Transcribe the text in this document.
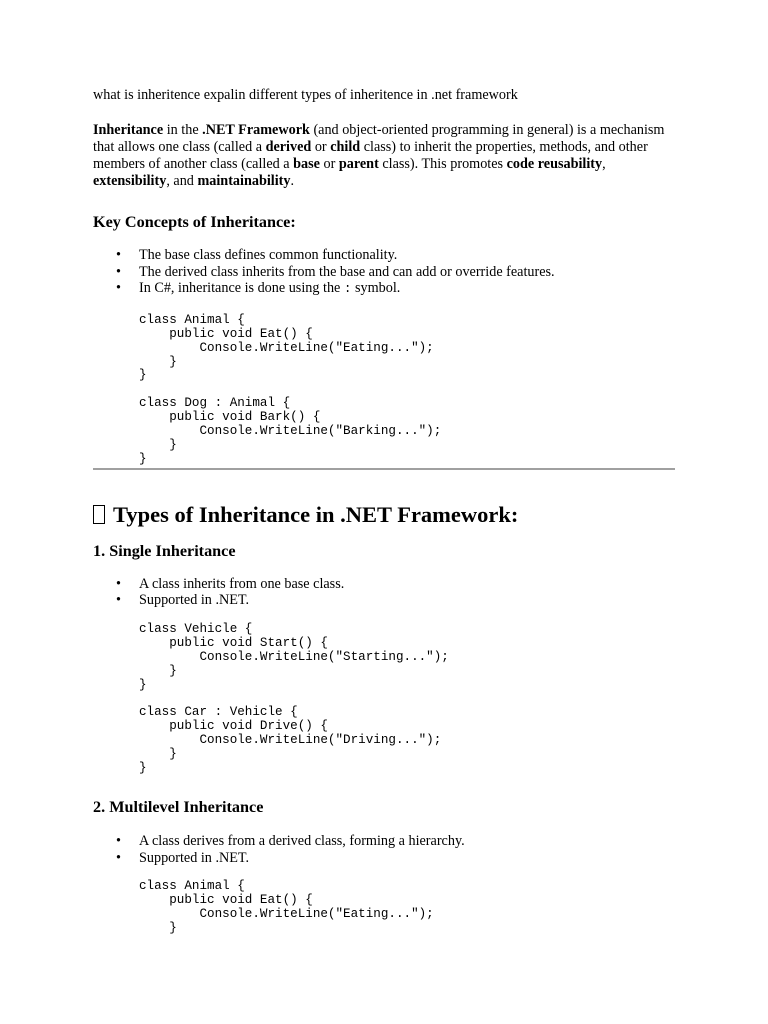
what is inheritence expalin different types of inheritence in .net framework

Inheritance in the .NET Framework (and object-oriented programming in general) is a mechanism that allows one class (called a derived or child class) to inherit the properties, methods, and other members of another class (called a base or parent class). This promotes code reusability, extensibility, and maintainability.

Key Concepts of Inheritance:
• The base class defines common functionality.
• The derived class inherits from the base and can add or override features.
• In C#, inheritance is done using the : symbol.
class Animal {
public void Eat() {
Console.WriteLine("Eating...");
}
}

class Dog : Animal {
public void Bark() {
Console.WriteLine("Barking...");
}
}
Types of Inheritance in .NET Framework:
1. Single Inheritance
• A class inherits from one base class.
• Supported in .NET.
class Vehicle {
public void Start() {
Console.WriteLine("Starting...");
}
}

class Car : Vehicle {
public void Drive() {
Console.WriteLine("Driving...");
}
}
2. Multilevel Inheritance
• A class derives from a derived class, forming a hierarchy.
• Supported in .NET.
class Animal {
public void Eat() {
Console.WriteLine("Eating...");
}
